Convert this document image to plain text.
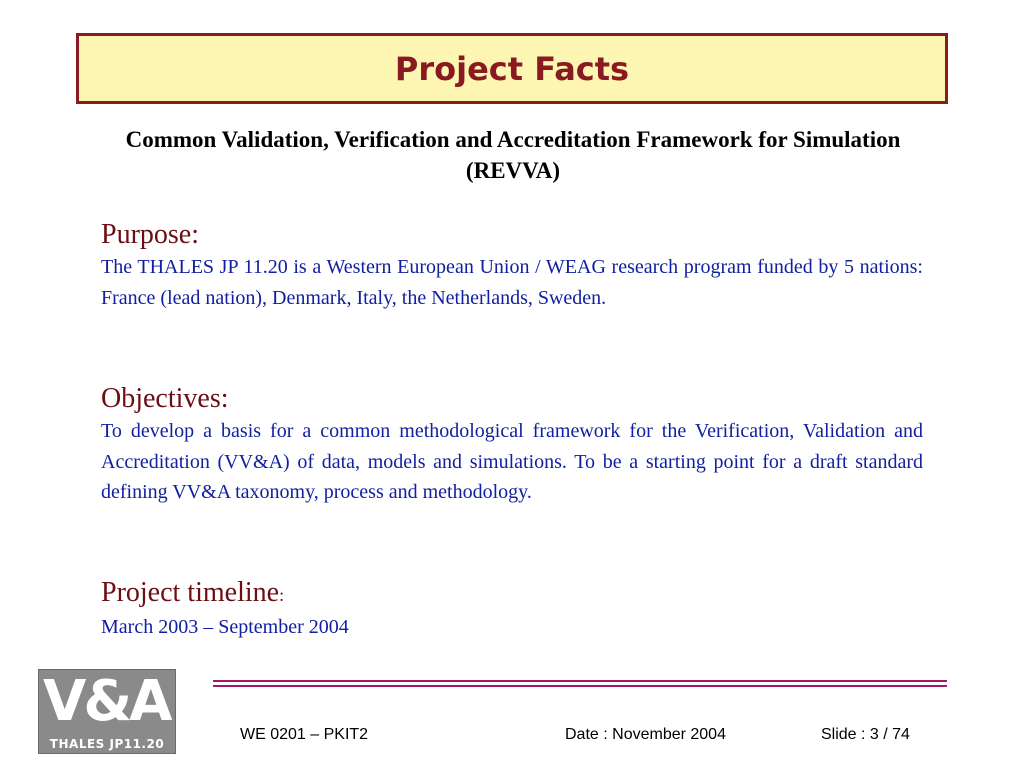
Project Facts
Common Validation, Verification and Accreditation Framework for Simulation (REVVA)
Purpose:
The THALES JP 11.20 is a Western European Union / WEAG research program funded by 5 nations: France (lead nation), Denmark, Italy, the Netherlands, Sweden.
Objectives:
To develop a basis for a common methodological framework for the Verification, Validation and Accreditation (VV&A) of data, models and simulations. To be a starting point for a draft standard defining VV&A taxonomy, process and methodology.
Project timeline:
March 2003 – September 2004
V&A
THALES JP11.20
WE 0201 – PKIT2	Date : November 2004	Slide : 3 / 74
